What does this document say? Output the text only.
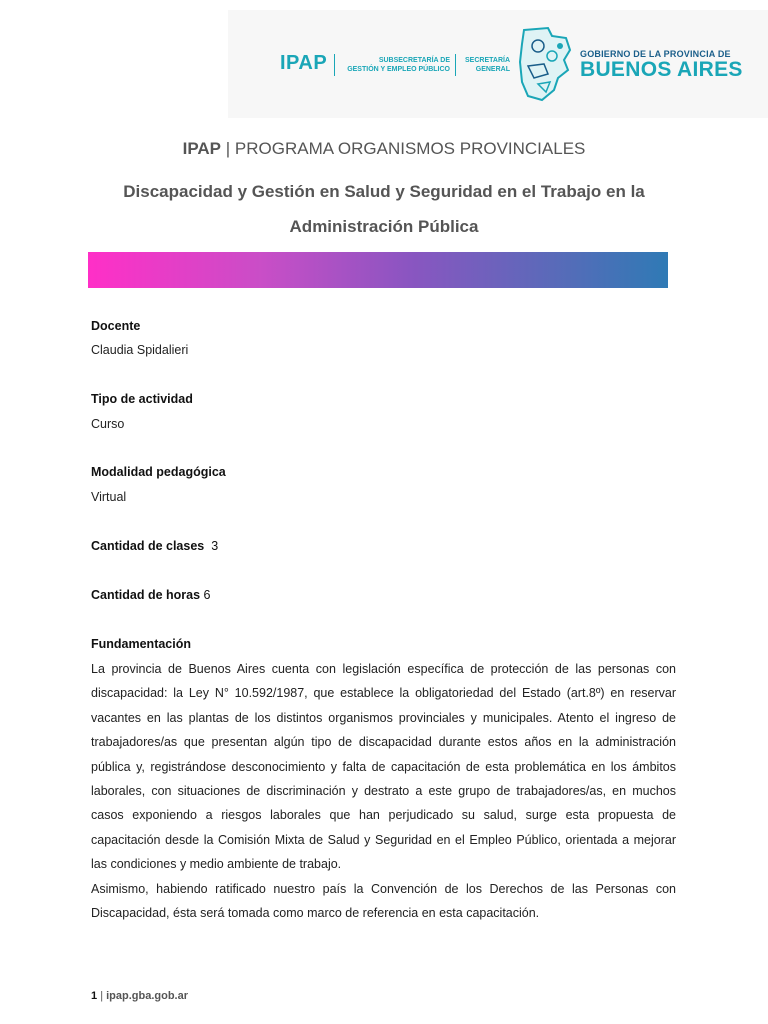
IPAP	SUBSECRETARÍA DE
GESTIÓN Y EMPLEO PÚBLICO
SECRETARÍA
GENERAL
GOBIERNO DE LA PROVINCIA DE
BUENOS AIRES
IPAP | PROGRAMA ORGANISMOS PROVINCIALES
Discapacidad y Gestión en Salud y Seguridad en el Trabajo en la Administración Pública
Docente
Claudia Spidalieri
Tipo de actividad
Curso
Modalidad pedagógica
Virtual
Cantidad de clases 3
Cantidad de horas 6
Fundamentación

La provincia de Buenos Aires cuenta con legislación específica de protección de las personas con discapacidad: la Ley N° 10.592/1987, que establece la obligatoriedad del Estado (art.8º) en reservar vacantes en las plantas de los distintos organismos provinciales y municipales. Atento el ingreso de trabajadores/as que presentan algún tipo de discapacidad durante estos años en la administración pública y, registrándose desconocimiento y falta de capacitación de esta problemática en los ámbitos laborales, con situaciones de discriminación y destrato a este grupo de trabajadores/as, en muchos casos exponiendo a riesgos laborales que han perjudicado su salud, surge esta propuesta de capacitación desde la Comisión Mixta de Salud y Seguridad en el Empleo Público, orientada a mejorar las condiciones y medio ambiente de trabajo.

Asimismo, habiendo ratificado nuestro país la Convención de los Derechos de las Personas con Discapacidad, ésta será tomada como marco de referencia en esta capacitación.

1 | ipap.gba.gob.ar
